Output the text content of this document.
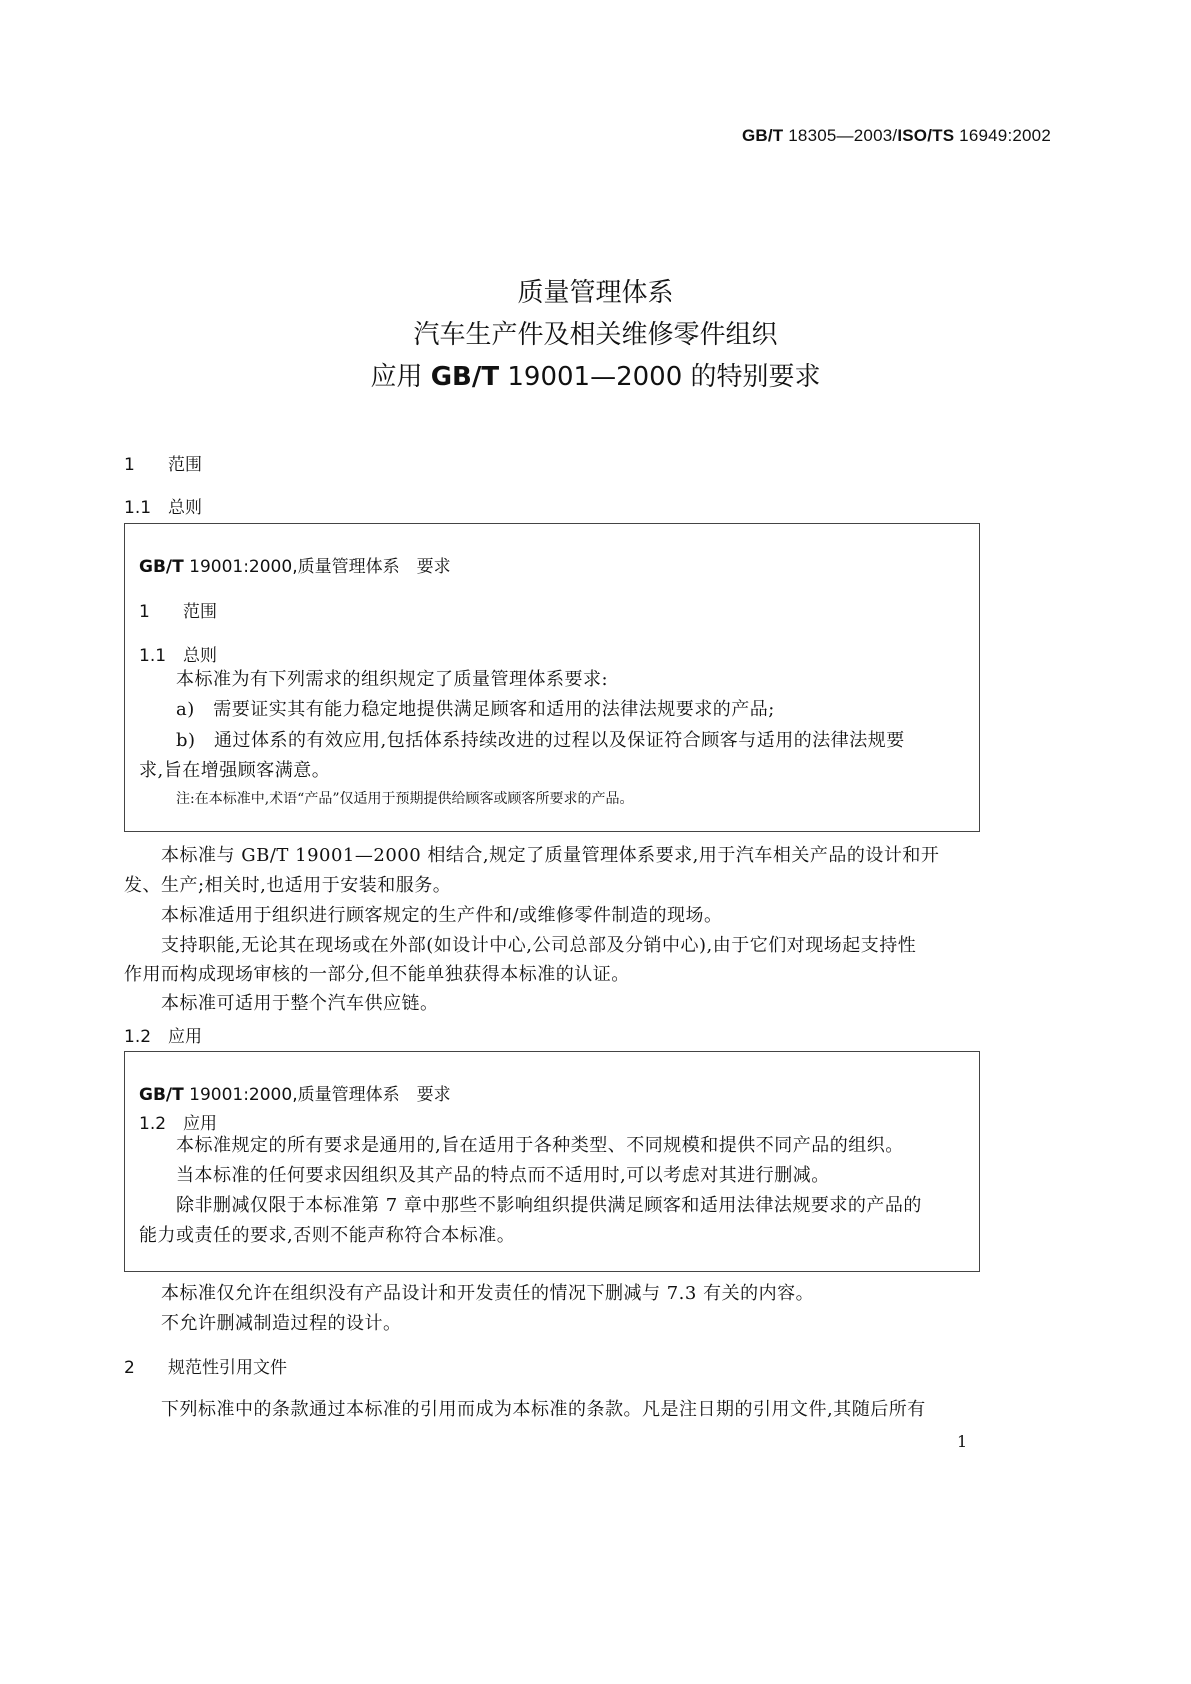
GB/T 18305—2003/ISO/TS 16949:2002
质量管理体系
汽车生产件及相关维修零件组织
应用 GB/T 19001—2000 的特别要求
1 范围
1.1 总则
GB/T 19001:2000,质量管理体系　要求
1 范围
1.1 总则
本标准为有下列需求的组织规定了质量管理体系要求:
a)　需要证实其有能力稳定地提供满足顾客和适用的法律法规要求的产品;
b)　通过体系的有效应用,包括体系持续改进的过程以及保证符合顾客与适用的法律法规要
求,旨在增强顾客满意。
注:在本标准中,术语“产品”仅适用于预期提供给顾客或顾客所要求的产品。
本标准与 GB/T 19001—2000 相结合,规定了质量管理体系要求,用于汽车相关产品的设计和开
发、生产;相关时,也适用于安装和服务。
本标准适用于组织进行顾客规定的生产件和/或维修零件制造的现场。
支持职能,无论其在现场或在外部(如设计中心,公司总部及分销中心),由于它们对现场起支持性
作用而构成现场审核的一部分,但不能单独获得本标准的认证。
本标准可适用于整个汽车供应链。
1.2 应用
GB/T 19001:2000,质量管理体系　要求
1.2 应用
本标准规定的所有要求是通用的,旨在适用于各种类型、不同规模和提供不同产品的组织。
当本标准的任何要求因组织及其产品的特点而不适用时,可以考虑对其进行删减。
除非删减仅限于本标准第 7 章中那些不影响组织提供满足顾客和适用法律法规要求的产品的
能力或责任的要求,否则不能声称符合本标准。
本标准仅允许在组织没有产品设计和开发责任的情况下删减与 7.3 有关的内容。
不允许删减制造过程的设计。
2 规范性引用文件
下列标准中的条款通过本标准的引用而成为本标准的条款。凡是注日期的引用文件,其随后所有
1
